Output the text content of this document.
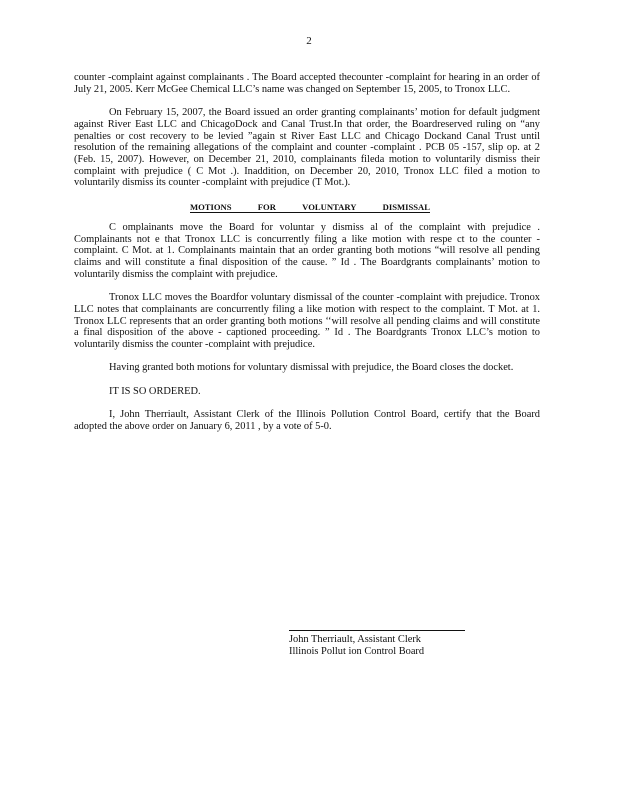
2

counter -complaint against complainants . The Board accepted thecounter -complaint for hearing in an order of July 21, 2005. Kerr McGee Chemical LLC’s name was changed on September 15, 2005, to Tronox LLC.

On February 15, 2007, the Board issued an order granting complainants’ motion for default judgment against River East LLC and ChicagoDock and Canal Trust.In that order, the Boardreserved ruling on “any penalties or cost recovery to be levied ”again st River East LLC and Chicago Dockand Canal Trust until resolution of the remaining allegations of the complaint and counter -complaint . PCB 05 -157, slip op. at 2 (Feb. 15, 2007). However, on December 21, 2010, complainants fileda motion to voluntarily dismiss their complaint with prejudice ( C Mot .). Inaddition, on December 20, 2010, Tronox LLC filed a motion to voluntarily dismiss its counter -complaint with prejudice (T Mot.).

MOTIONS	FOR	VOLUNTARY	DISMISSAL

C omplainants move the Board for voluntar y dismiss al of the complaint with prejudice . Complainants not e that Tronox LLC is concurrently filing a like motion with respe ct to the counter -complaint. C Mot. at 1. Complainants maintain that an order granting both motions “will resolve all pending claims and will constitute a final disposition of the cause. ” Id . The Boardgrants complainants’ motion to voluntarily dismiss the complaint with prejudice.

Tronox LLC moves the Boardfor voluntary dismissal of the counter -complaint with prejudice. Tronox LLC notes that complainants are concurrently filing a like motion with respect to the complaint. T Mot. at 1. Tronox LLC represents that an order granting both motions ‘‘will resolve all pending claims and will constitute a final disposition of the above - captioned proceeding. ” Id . The Boardgrants Tronox LLC’s motion to voluntarily dismiss the counter -complaint with prejudice.

Having granted both motions for voluntary dismissal with prejudice, the Board closes the docket.

IT IS SO ORDERED.

I, John Therriault, Assistant Clerk of the Illinois Pollution Control Board, certify that the Board adopted the above order on January 6, 2011 , by a vote of 5-0.

John Therriault, Assistant Clerk
Illinois Pollut ion Control Board
